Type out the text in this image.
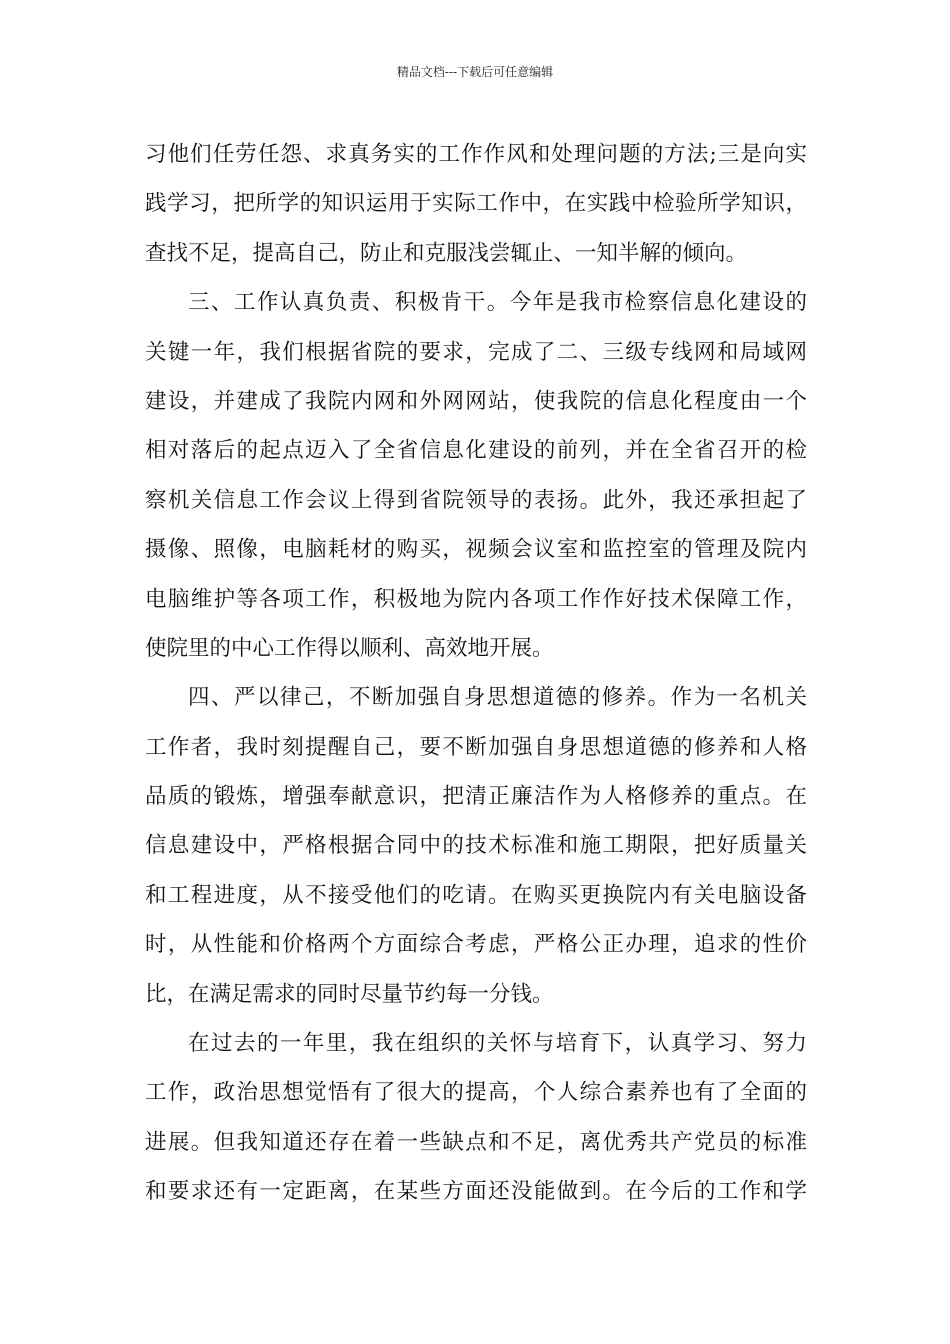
精品文档---下载后可任意编辑
习他们任劳任怨、求真务实的工作作风和处理问题的方法;三是向实
践学习，把所学的知识运用于实际工作中，在实践中检验所学知识，
查找不足，提高自己，防止和克服浅尝辄止、一知半解的倾向。
三、工作认真负责、积极肯干。今年是我市检察信息化建设的
关键一年，我们根据省院的要求，完成了二、三级专线网和局域网
建设，并建成了我院内网和外网网站，使我院的信息化程度由一个
相对落后的起点迈入了全省信息化建设的前列，并在全省召开的检
察机关信息工作会议上得到省院领导的表扬。此外，我还承担起了
摄像、照像，电脑耗材的购买，视频会议室和监控室的管理及院内
电脑维护等各项工作，积极地为院内各项工作作好技术保障工作，
使院里的中心工作得以顺利、高效地开展。
四、严以律己，不断加强自身思想道德的修养。作为一名机关
工作者，我时刻提醒自己，要不断加强自身思想道德的修养和人格
品质的锻炼，增强奉献意识，把清正廉洁作为人格修养的重点。在
信息建设中，严格根据合同中的技术标准和施工期限，把好质量关
和工程进度，从不接受他们的吃请。在购买更换院内有关电脑设备
时，从性能和价格两个方面综合考虑，严格公正办理，追求的性价
比，在满足需求的同时尽量节约每一分钱。
在过去的一年里，我在组织的关怀与培育下，认真学习、努力
工作，政治思想觉悟有了很大的提高，个人综合素养也有了全面的
进展。但我知道还存在着一些缺点和不足，离优秀共产党员的标准
和要求还有一定距离，在某些方面还没能做到。在今后的工作和学
